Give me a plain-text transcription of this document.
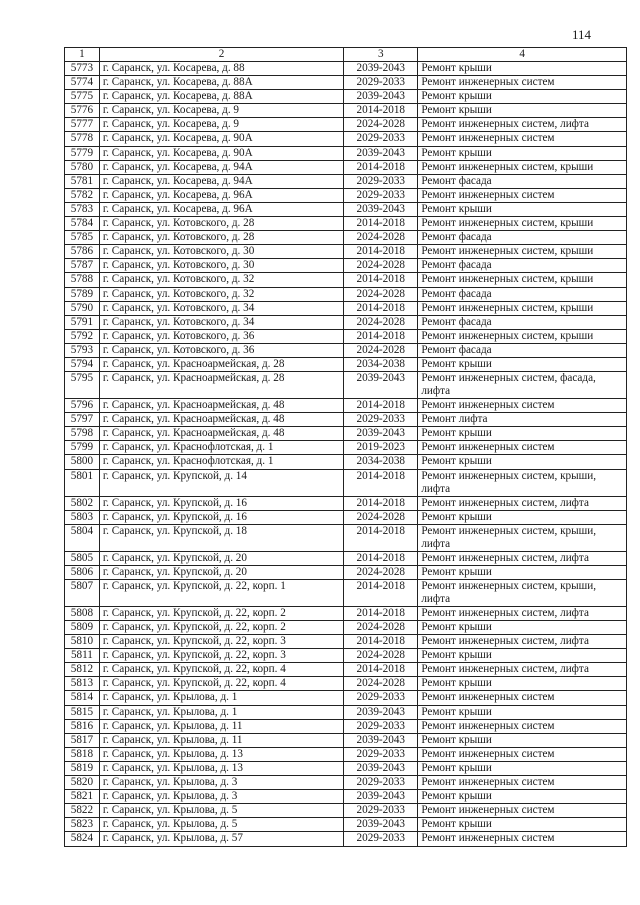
114
1	2	3	4
5773	г. Саранск, ул. Косарева, д. 88	2039-2043	Ремонт крыши
5774	г. Саранск, ул. Косарева, д. 88А	2029-2033	Ремонт инженерных систем
5775	г. Саранск, ул. Косарева, д. 88А	2039-2043	Ремонт крыши
5776	г. Саранск, ул. Косарева, д. 9	2014-2018	Ремонт крыши
5777	г. Саранск, ул. Косарева, д. 9	2024-2028	Ремонт инженерных систем, лифта
5778	г. Саранск, ул. Косарева, д. 90А	2029-2033	Ремонт инженерных систем
5779	г. Саранск, ул. Косарева, д. 90А	2039-2043	Ремонт крыши
5780	г. Саранск, ул. Косарева, д. 94А	2014-2018	Ремонт инженерных систем, крыши
5781	г. Саранск, ул. Косарева, д. 94А	2029-2033	Ремонт фасада
5782	г. Саранск, ул. Косарева, д. 96А	2029-2033	Ремонт инженерных систем
5783	г. Саранск, ул. Косарева, д. 96А	2039-2043	Ремонт крыши
5784	г. Саранск, ул. Котовского, д. 28	2014-2018	Ремонт инженерных систем, крыши
5785	г. Саранск, ул. Котовского, д. 28	2024-2028	Ремонт фасада
5786	г. Саранск, ул. Котовского, д. 30	2014-2018	Ремонт инженерных систем, крыши
5787	г. Саранск, ул. Котовского, д. 30	2024-2028	Ремонт фасада
5788	г. Саранск, ул. Котовского, д. 32	2014-2018	Ремонт инженерных систем, крыши
5789	г. Саранск, ул. Котовского, д. 32	2024-2028	Ремонт фасада
5790	г. Саранск, ул. Котовского, д. 34	2014-2018	Ремонт инженерных систем, крыши
5791	г. Саранск, ул. Котовского, д. 34	2024-2028	Ремонт фасада
5792	г. Саранск, ул. Котовского, д. 36	2014-2018	Ремонт инженерных систем, крыши
5793	г. Саранск, ул. Котовского, д. 36	2024-2028	Ремонт фасада
5794	г. Саранск, ул. Красноармейская, д. 28	2034-2038	Ремонт крыши
5795	г. Саранск, ул. Красноармейская, д. 28	2039-2043	Ремонт инженерных систем, фасада, лифта
5796	г. Саранск, ул. Красноармейская, д. 48	2014-2018	Ремонт инженерных систем
5797	г. Саранск, ул. Красноармейская, д. 48	2029-2033	Ремонт лифта
5798	г. Саранск, ул. Красноармейская, д. 48	2039-2043	Ремонт крыши
5799	г. Саранск, ул. Краснофлотская, д. 1	2019-2023	Ремонт инженерных систем
5800	г. Саранск, ул. Краснофлотская, д. 1	2034-2038	Ремонт крыши
5801	г. Саранск, ул. Крупской, д. 14	2014-2018	Ремонт инженерных систем, крыши, лифта
5802	г. Саранск, ул. Крупской, д. 16	2014-2018	Ремонт инженерных систем, лифта
5803	г. Саранск, ул. Крупской, д. 16	2024-2028	Ремонт крыши
5804	г. Саранск, ул. Крупской, д. 18	2014-2018	Ремонт инженерных систем, крыши, лифта
5805	г. Саранск, ул. Крупской, д. 20	2014-2018	Ремонт инженерных систем, лифта
5806	г. Саранск, ул. Крупской, д. 20	2024-2028	Ремонт крыши
5807	г. Саранск, ул. Крупской, д. 22, корп. 1	2014-2018	Ремонт инженерных систем, крыши, лифта
5808	г. Саранск, ул. Крупской, д. 22, корп. 2	2014-2018	Ремонт инженерных систем, лифта
5809	г. Саранск, ул. Крупской, д. 22, корп. 2	2024-2028	Ремонт крыши
5810	г. Саранск, ул. Крупской, д. 22, корп. 3	2014-2018	Ремонт инженерных систем, лифта
5811	г. Саранск, ул. Крупской, д. 22, корп. 3	2024-2028	Ремонт крыши
5812	г. Саранск, ул. Крупской, д. 22, корп. 4	2014-2018	Ремонт инженерных систем, лифта
5813	г. Саранск, ул. Крупской, д. 22, корп. 4	2024-2028	Ремонт крыши
5814	г. Саранск, ул. Крылова, д. 1	2029-2033	Ремонт инженерных систем
5815	г. Саранск, ул. Крылова, д. 1	2039-2043	Ремонт крыши
5816	г. Саранск, ул. Крылова, д. 11	2029-2033	Ремонт инженерных систем
5817	г. Саранск, ул. Крылова, д. 11	2039-2043	Ремонт крыши
5818	г. Саранск, ул. Крылова, д. 13	2029-2033	Ремонт инженерных систем
5819	г. Саранск, ул. Крылова, д. 13	2039-2043	Ремонт крыши
5820	г. Саранск, ул. Крылова, д. 3	2029-2033	Ремонт инженерных систем
5821	г. Саранск, ул. Крылова, д. 3	2039-2043	Ремонт крыши
5822	г. Саранск, ул. Крылова, д. 5	2029-2033	Ремонт инженерных систем
5823	г. Саранск, ул. Крылова, д. 5	2039-2043	Ремонт крыши
5824	г. Саранск, ул. Крылова, д. 57	2029-2033	Ремонт инженерных систем
